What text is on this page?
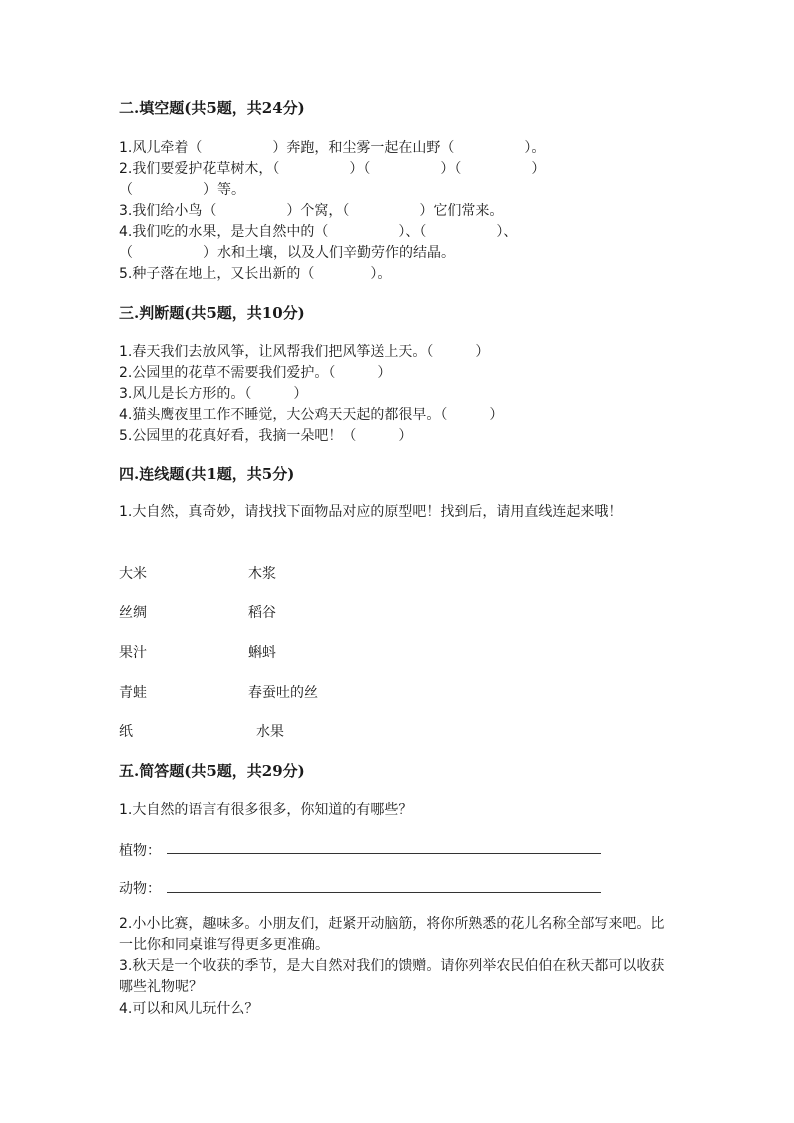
二.填空题(共5题，共24分)
1.风儿牵着（　　　　　）奔跑，和尘雾一起在山野（　　　　　）。
2.我们要爱护花草树木，（　　　　　）（　　　　　）（　　　　　）
（　　　　　）等。
3.我们给小鸟（　　　　　）个窝，（　　　　　）它们常来。
4.我们吃的水果，是大自然中的（　　　　　）、（　　　　　）、
（　　　　　）水和土壤，以及人们辛勤劳作的结晶。
5.种子落在地上，又长出新的（　　　　）。
三.判断题(共5题，共10分)
1.春天我们去放风筝，让风帮我们把风筝送上天。（　　　）
2.公园里的花草不需要我们爱护。（　　　）
3.风儿是长方形的。（　　　）
4.猫头鹰夜里工作不睡觉，大公鸡天天起的都很早。（　　　）
5.公园里的花真好看，我摘一朵吧！（　　　）
四.连线题(共1题，共5分)
1.大自然，真奇妙，请找找下面物品对应的原型吧！找到后，请用直线连起来哦！
大米	木浆
丝绸	稻谷
果汁	蝌蚪
青蛙	春蚕吐的丝
纸	水果
五.简答题(共5题，共29分)
1.大自然的语言有很多很多，你知道的有哪些？
植物：
动物：
2.小小比赛，趣味多。小朋友们，赶紧开动脑筋，将你所熟悉的花儿名称全部写来吧。比一比你和同桌谁写得更多更准确。
3.秋天是一个收获的季节，是大自然对我们的馈赠。请你列举农民伯伯在秋天都可以收获哪些礼物呢？
4.可以和风儿玩什么？
